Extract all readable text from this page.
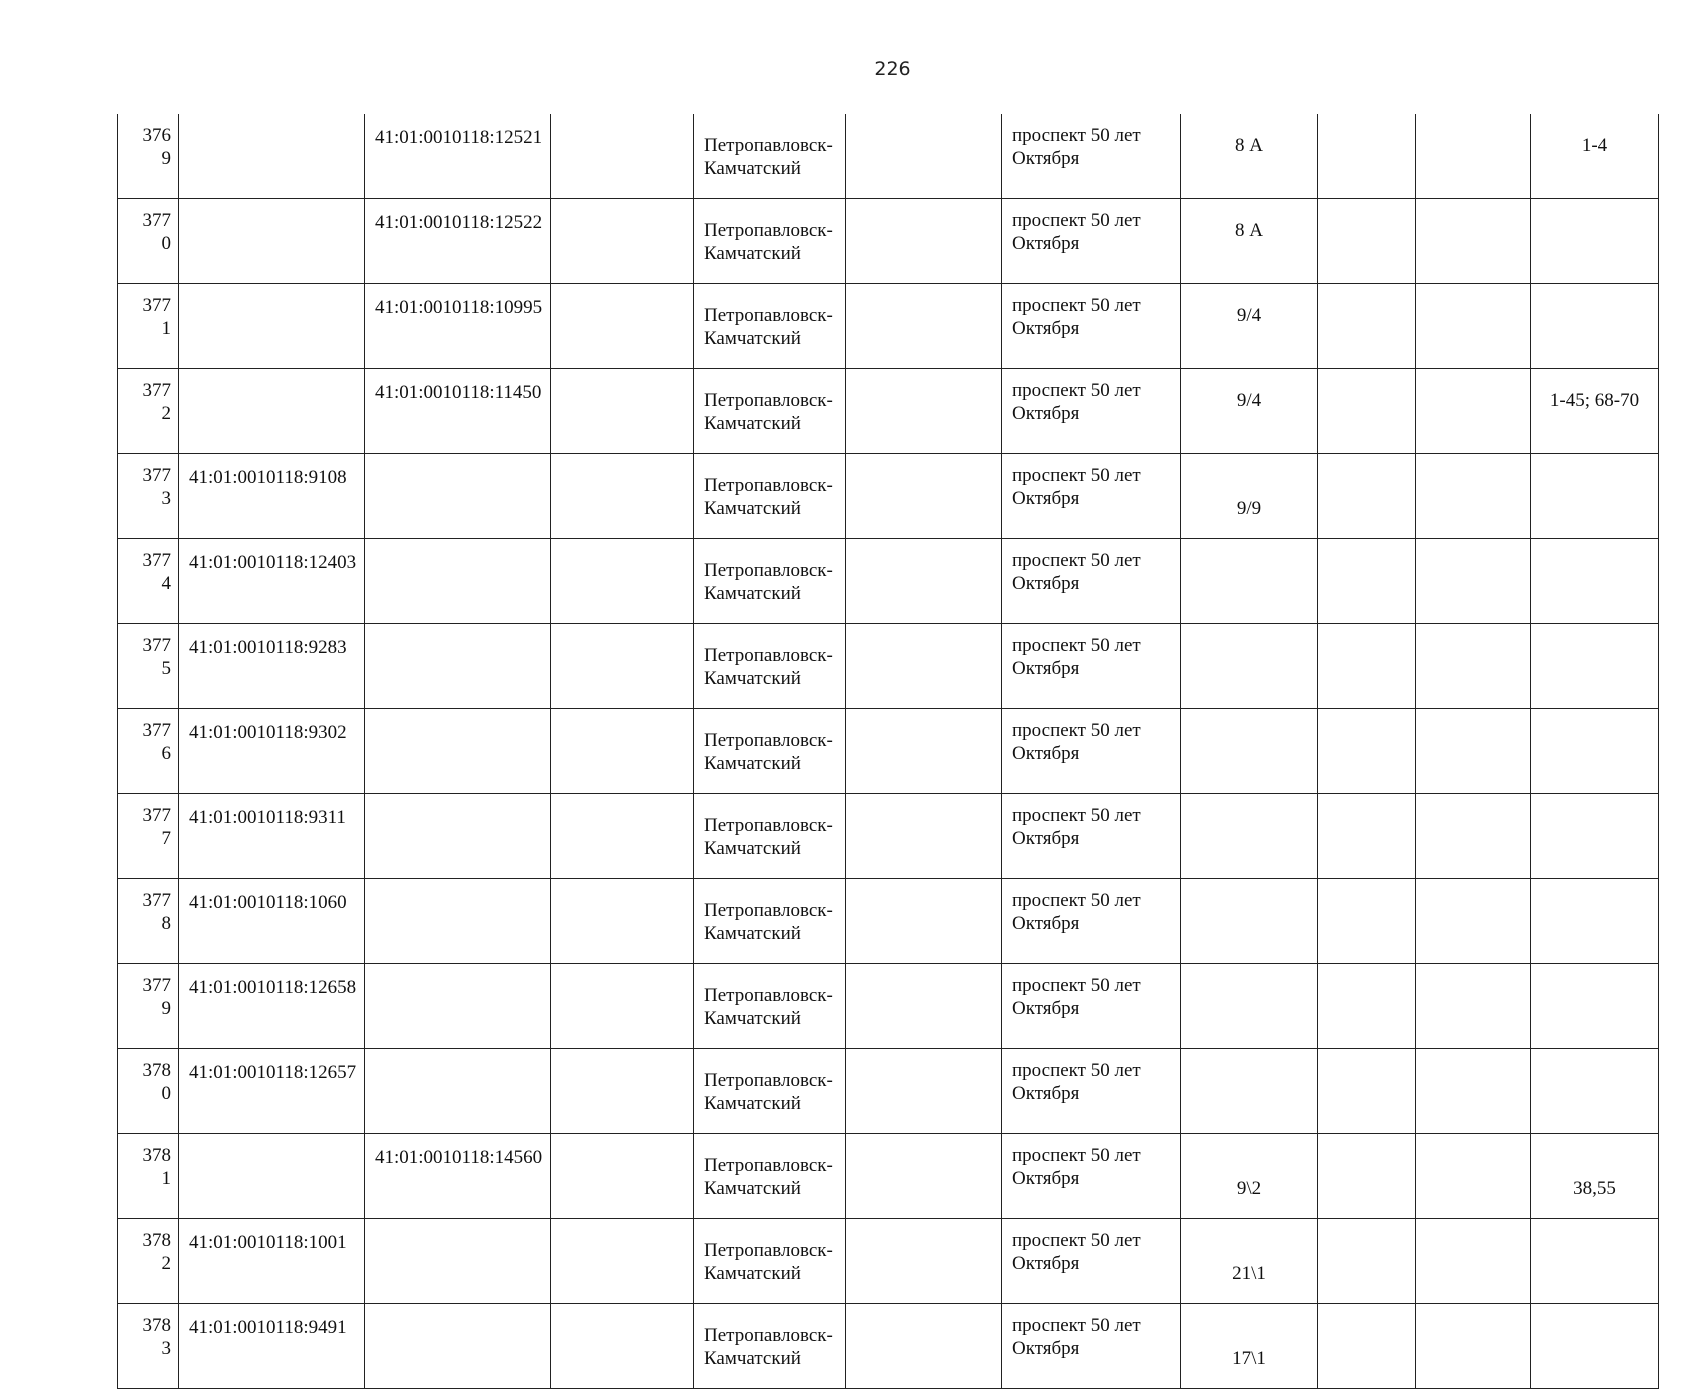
226
376
9		41:01:0010118:12521		Петропавловск-Камчатский		проспект 50 лет Октября	8 А			1-4

377
0		41:01:0010118:12522		Петропавловск-Камчатский		проспект 50 лет Октября	8 А			

377
1		41:01:0010118:10995		Петропавловск-Камчатский		проспект 50 лет Октября	9/4			

377
2		41:01:0010118:11450		Петропавловск-Камчатский		проспект 50 лет Октября	9/4			1-45; 68-70

377
3	41:01:0010118:9108			Петропавловск-Камчатский		проспект 50 лет Октября	9/9			

377
4	41:01:0010118:12403			Петропавловск-Камчатский		проспект 50 лет Октября	

377
5	41:01:0010118:9283			Петропавловск-Камчатский		проспект 50 лет Октября	

377
6	41:01:0010118:9302			Петропавловск-Камчатский		проспект 50 лет Октября	

377
7	41:01:0010118:9311			Петропавловск-Камчатский		проспект 50 лет Октября	

377
8	41:01:0010118:1060			Петропавловск-Камчатский		проспект 50 лет Октября	

377
9	41:01:0010118:12658			Петропавловск-Камчатский		проспект 50 лет Октября	

378
0	41:01:0010118:12657			Петропавловск-Камчатский		проспект 50 лет Октября	

378
1		41:01:0010118:14560		Петропавловск-Камчатский		проспект 50 лет Октября	9\2			38,55

378
2	41:01:0010118:1001			Петропавловск-Камчатский		проспект 50 лет Октября	21\1			

378
3	41:01:0010118:9491			Петропавловск-Камчатский		проспект 50 лет Октября	17\1			
